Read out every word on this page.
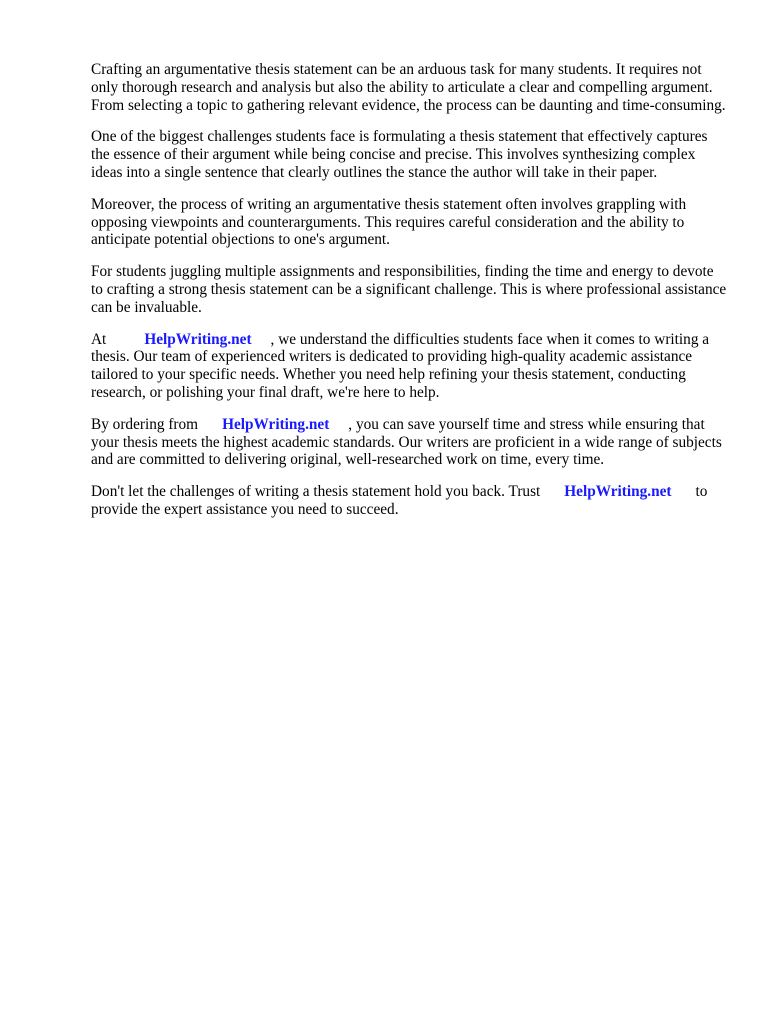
Crafting an argumentative thesis statement can be an arduous task for many students. It requires not only thorough research and analysis but also the ability to articulate a clear and compelling argument. From selecting a topic to gathering relevant evidence, the process can be daunting and time-consuming.

One of the biggest challenges students face is formulating a thesis statement that effectively captures the essence of their argument while being concise and precise. This involves synthesizing complex ideas into a single sentence that clearly outlines the stance the author will take in their paper.

Moreover, the process of writing an argumentative thesis statement often involves grappling with opposing viewpoints and counterarguments. This requires careful consideration and the ability to anticipate potential objections to one's argument.

For students juggling multiple assignments and responsibilities, finding the time and energy to devote to crafting a strong thesis statement can be a significant challenge. This is where professional assistance can be invaluable.

At HelpWriting.net , we understand the difficulties students face when it comes to writing a thesis. Our team of experienced writers is dedicated to providing high-quality academic assistance tailored to your specific needs. Whether you need help refining your thesis statement, conducting research, or polishing your final draft, we're here to help.

By ordering from HelpWriting.net , you can save yourself time and stress while ensuring that your thesis meets the highest academic standards. Our writers are proficient in a wide range of subjects and are committed to delivering original, well-researched work on time, every time.

Don't let the challenges of writing a thesis statement hold you back. Trust HelpWriting.net to provide the expert assistance you need to succeed.
